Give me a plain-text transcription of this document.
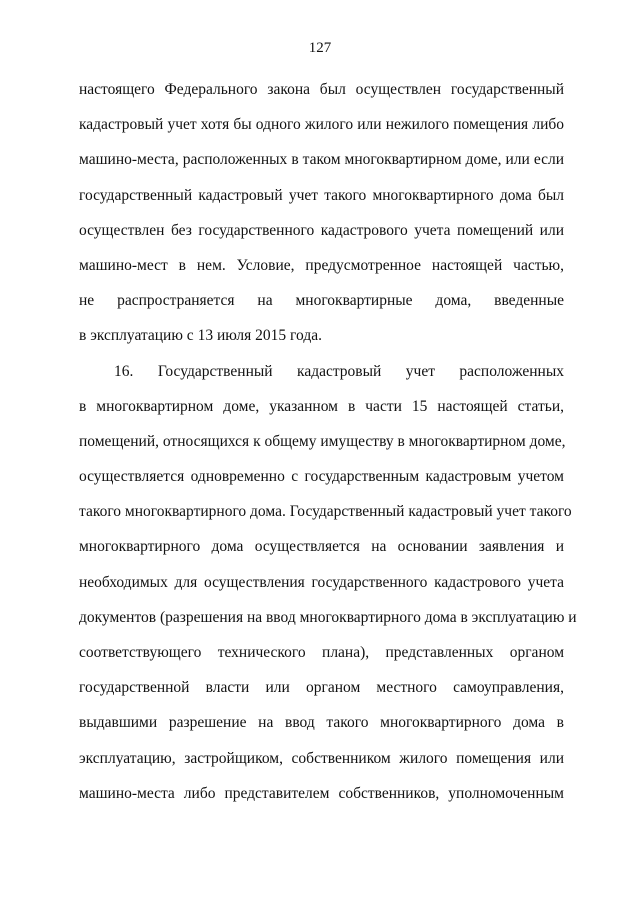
127
настоящего Федерального закона был осуществлен государственный
кадастровый учет хотя бы одного жилого или нежилого помещения либо
машино-места, расположенных в таком многоквартирном доме, или если
государственный кадастровый учет такого многоквартирного дома был
осуществлен без государственного кадастрового учета помещений или
машино-мест в нем. Условие, предусмотренное настоящей частью,
не распространяется на многоквартирные дома, введенные
в эксплуатацию с 13 июля 2015 года.
16. Государственный кадастровый учет расположенных
в многоквартирном доме, указанном в части 15 настоящей статьи,
помещений, относящихся к общему имуществу в многоквартирном доме,
осуществляется одновременно с государственным кадастровым учетом
такого многоквартирного дома. Государственный кадастровый учет такого
многоквартирного дома осуществляется на основании заявления и
необходимых для осуществления государственного кадастрового учета
документов (разрешения на ввод многоквартирного дома в эксплуатацию и
соответствующего технического плана), представленных органом
государственной власти или органом местного самоуправления,
выдавшими разрешение на ввод такого многоквартирного дома в
эксплуатацию, застройщиком, собственником жилого помещения или
машино-места либо представителем собственников, уполномоченным
